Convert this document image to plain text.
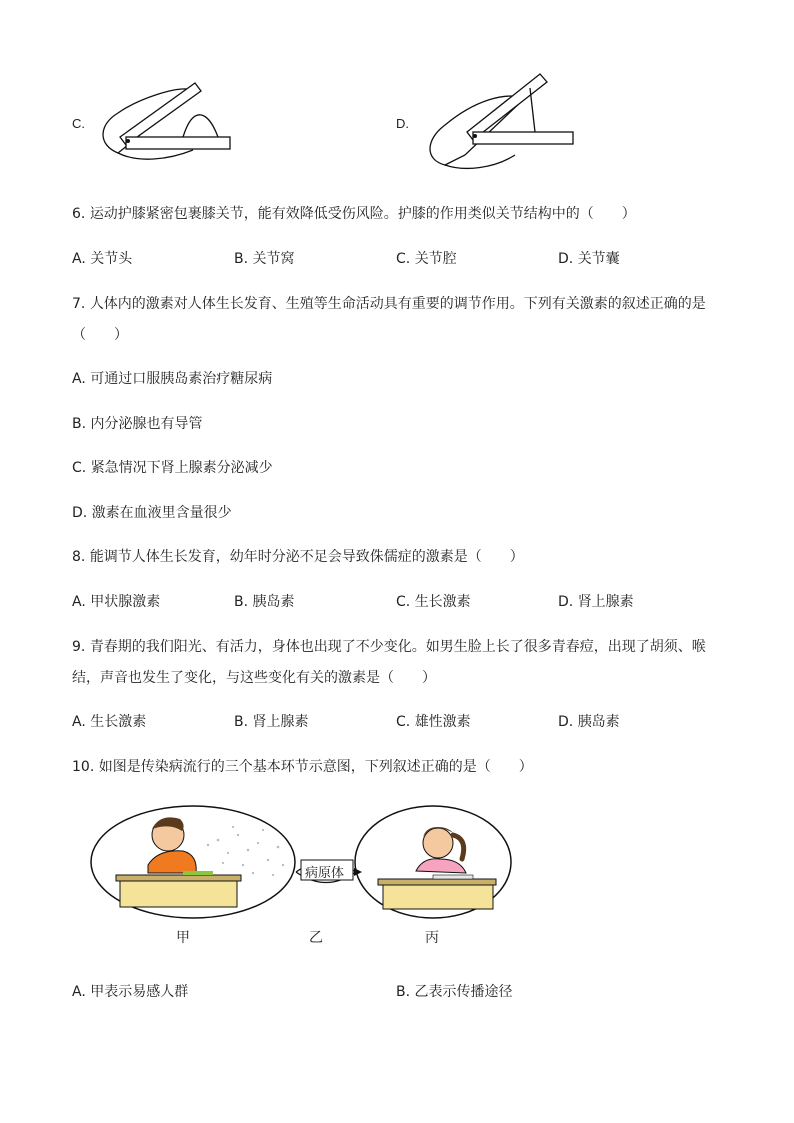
C.	D.
6. 运动护膝紧密包裹膝关节，能有效降低受伤风险。护膝的作用类似关节结构中的（　　）
A. 关节头	B. 关节窝	C. 关节腔	D. 关节囊
7. 人体内的激素对人体生长发育、生殖等生命活动具有重要的调节作用。下列有关激素的叙述正确的是
（　　）
A. 可通过口服胰岛素治疗糖尿病
B. 内分泌腺也有导管
C. 紧急情况下肾上腺素分泌减少
D. 激素在血液里含量很少
8. 能调节人体生长发育，幼年时分泌不足会导致侏儒症的激素是（　　）
A. 甲状腺激素	B. 胰岛素	C. 生长激素	D. 肾上腺素
9. 青春期的我们阳光、有活力，身体也出现了不少变化。如男生脸上长了很多青春痘，出现了胡须、喉
结，声音也发生了变化，与这些变化有关的激素是（　　）
A. 生长激素	B. 肾上腺素	C. 雄性激素	D. 胰岛素
10. 如图是传染病流行的三个基本环节示意图，下列叙述正确的是（　　）
病原体
甲	乙	丙
A. 甲表示易感人群	B. 乙表示传播途径
